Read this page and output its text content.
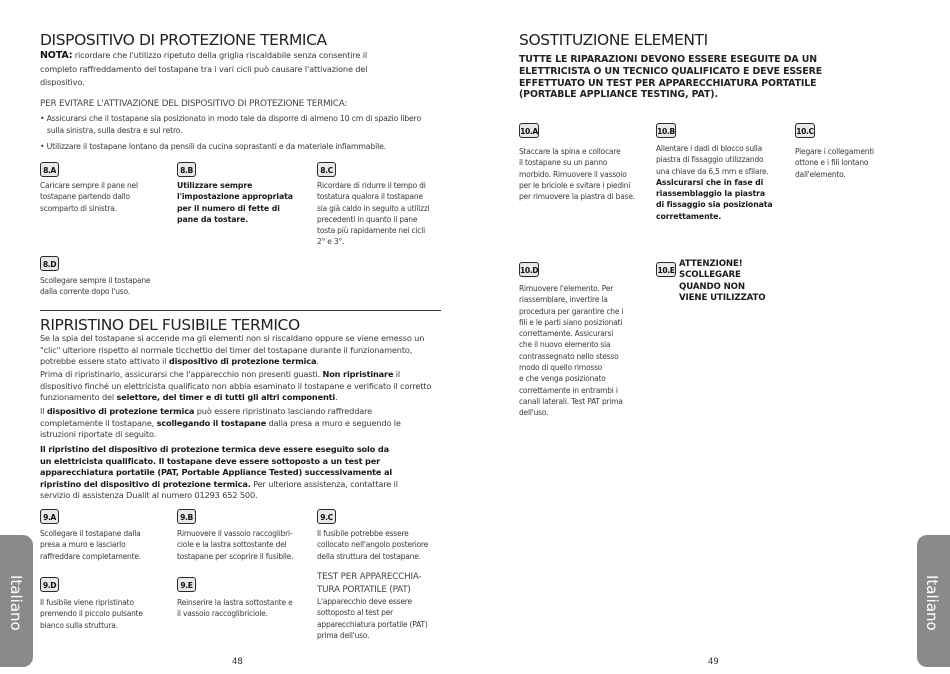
DISPOSITIVO DI PROTEZIONE TERMICA
NOTA: ricordare che l'utilizzo ripetuto della griglia riscaldabile senza consentire il
completo raffreddamento del tostapane tra i vari cicli può causare l'attivazione del
dispositivo.
PER EVITARE L'ATTIVAZIONE DEL DISPOSITIVO DI PROTEZIONE TERMICA:
• Assicurarsi che il tostapane sia posizionato in modo tale da disporre di almeno 10 cm di spazio libero
sulla sinistra, sulla destra e sul retro.
• Utilizzare il tostapane lontano da pensili da cucina soprastanti e da materiale infiammabile.
8.A
Caricare sempre il pane nel
tostapane partendo dallo
scomparto di sinistra.
8.B
Utilizzare sempre
l'impostazione appropriata
per il numero di fette di
pane da tostare.
8.C
Ricordare di ridurre il tempo di
tostatura qualora il tostapane
sia già caldo in seguito a utilizzi
precedenti in quanto il pane
tosta più rapidamente nei cicli
2° e 3°.
8.D
Scollegare sempre il tostapane
dalla corrente dopo l'uso.
RIPRISTINO DEL FUSIBILE TERMICO
Se la spia del tostapane si accende ma gli elementi non si riscaldano oppure se viene emesso un
"clic" ulteriore rispetto al normale ticchettio del timer del tostapane durante il funzionamento,
potrebbe essere stato attivato il dispositivo di protezione termica.
Prima di ripristinarlo, assicurarsi che l'apparecchio non presenti guasti. Non ripristinare il
dispositivo finché un elettricista qualificato non abbia esaminato il tostapane e verificato il corretto
funzionamento del selettore, del timer e di tutti gli altri componenti.
Il dispositivo di protezione termica può essere ripristinato lasciando raffreddare
completamente il tostapane, scollegando il tostapane dalla presa a muro e seguendo le
istruzioni riportate di seguito.
Il ripristino del dispositivo di protezione termica deve essere eseguito solo da
un elettricista qualificato. Il tostapane deve essere sottoposto a un test per
apparecchiatura portatile (PAT, Portable Appliance Tested) successivamente al
ripristino del dispositivo di protezione termica. Per ulteriore assistenza, contattare il
servizio di assistenza Dualit al numero 01293 652 500.
9.A
Scollegare il tostapane dalla
presa a muro e lasciarlo
raffreddare completamente.
9.B
Rimuovere il vassoio raccoglibri-
ciole e la lastra sottostante del
tostapane per scoprire il fusibile.
9.C
Il fusibile potrebbe essere
collocato nell'angolo posteriore
della struttura del tostapane.
9.D
Il fusibile viene ripristinato
premendo il piccolo pulsante
bianco sulla struttura.
9.E
Reinserire la lastra sottostante e
il vassoio raccoglibriciole.
TEST PER APPARECCHIA-
TURA PORTATILE (PAT)
L'apparecchio deve essere
sottoposto al test per
apparecchiatura portatile (PAT)
prima dell'uso.
Italiano
48
SOSTITUZIONE ELEMENTI
TUTTE LE RIPARAZIONI DEVONO ESSERE ESEGUITE DA UN
ELETTRICISTA O UN TECNICO QUALIFICATO E DEVE ESSERE
EFFETTUATO UN TEST PER APPARECCHIATURA PORTATILE
(PORTABLE APPLIANCE TESTING, PAT).
10.A
Staccare la spina e collocare
il tostapane su un panno
morbido. Rimuovere il vassoio
per le briciole e svitare i piedini
per rimuovere la piastra di base.
10.B
Allentare i dadi di blocco sulla
piastra di fissaggio utilizzando
una chiave da 6,5 mm e sfilare.
Assicurarsi che in fase di
riassemblaggio la piastra
di fissaggio sia posizionata
correttamente.
10.C
Piegare i collegamenti
ottone e i fili lontano
dall'elemento.
10.D
Rimuovere l'elemento. Per
riassemblare, invertire la
procedura per garantire che i
fili e le parti siano posizionati
correttamente. Assicurarsi
che il nuovo elemento sia
contrassegnato nello stesso
modo di quello rimosso
e che venga posizionato
correttamente in entrambi i
canali laterali. Test PAT prima
dell'uso.
10.E
ATTENZIONE!
SCOLLEGARE
QUANDO NON
VIENE UTILIZZATO
Italiano
49
